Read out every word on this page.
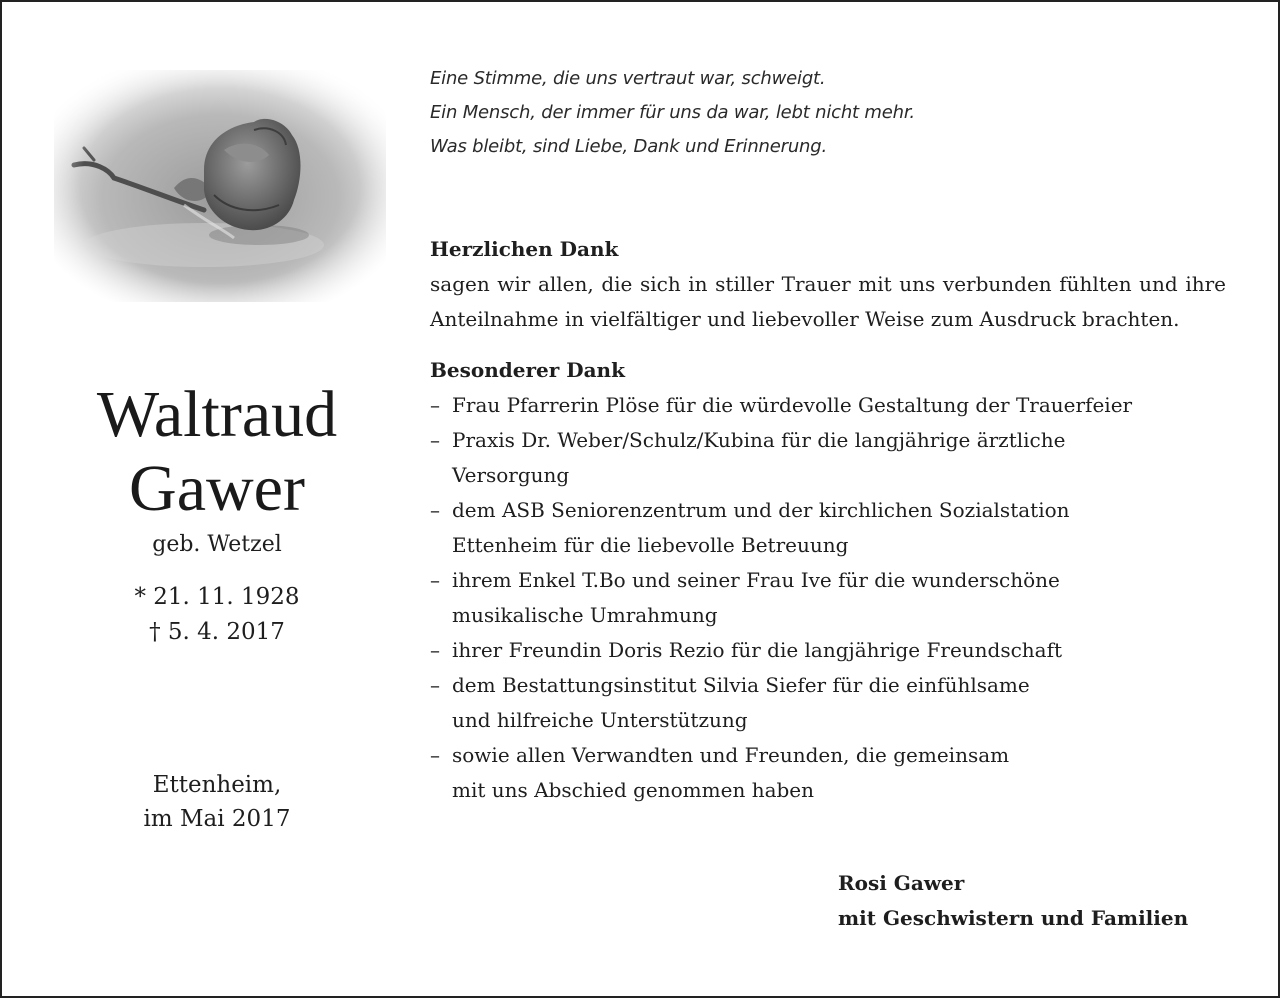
Waltraud
Gawer
geb. Wetzel
* 21. 11. 1928
† 5. 4. 2017
Ettenheim,
im Mai 2017
Eine Stimme, die uns vertraut war, schweigt.
Ein Mensch, der immer für uns da war, lebt nicht mehr.
Was bleibt, sind Liebe, Dank und Erinnerung.
Herzlichen Dank
sagen wir allen, die sich in stiller Trauer mit uns verbunden fühlten und ihre Anteilnahme in vielfältiger und liebevoller Weise zum Ausdruck brachten.
Besonderer Dank
– Frau Pfarrerin Plöse für die würdevolle Gestaltung der Trauerfeier
– Praxis Dr. Weber/Schulz/Kubina für die langjährige ärztliche
Versorgung
– dem ASB Seniorenzentrum und der kirchlichen Sozialstation
Ettenheim für die liebevolle Betreuung
– ihrem Enkel T.Bo und seiner Frau Ive für die wunderschöne
musikalische Umrahmung
– ihrer Freundin Doris Rezio für die langjährige Freundschaft
– dem Bestattungsinstitut Silvia Siefer für die einfühlsame
und hilfreiche Unterstützung
– sowie allen Verwandten und Freunden, die gemeinsam
mit uns Abschied genommen haben
Rosi Gawer
mit Geschwistern und Familien
